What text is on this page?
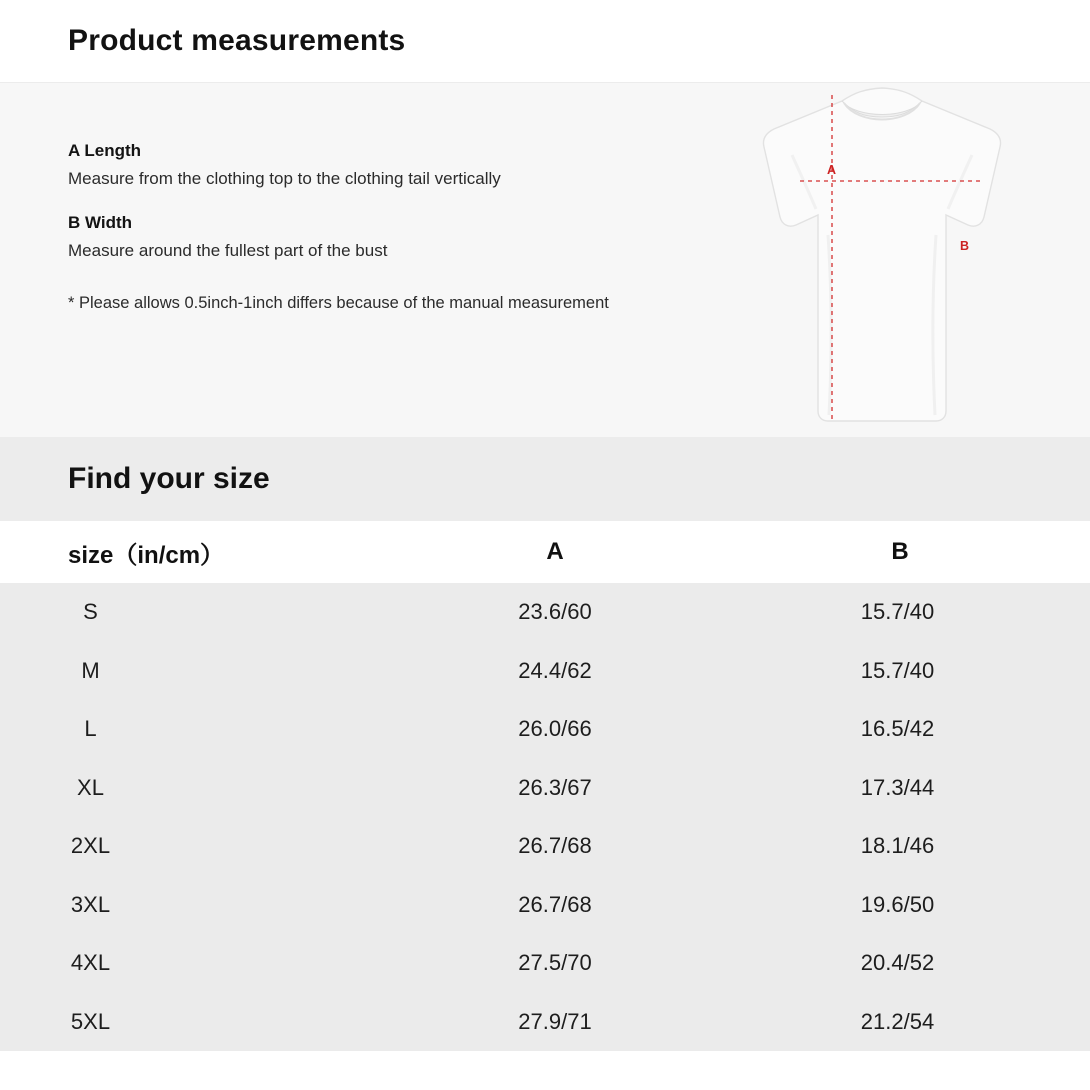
Product measurements

A Length

Measure from the clothing top to the clothing tail vertically

B Width

Measure around the fullest part of the bust

* Please allows 0.5inch-1inch differs because of the manual measurement

A
B
Find your size
size（in/cm）	A	B
S	23.6/60	15.7/40
M	24.4/62	15.7/40
L	26.0/66	16.5/42
XL	26.3/67	17.3/44
2XL	26.7/68	18.1/46
3XL	26.7/68	19.6/50
4XL	27.5/70	20.4/52
5XL	27.9/71	21.2/54
